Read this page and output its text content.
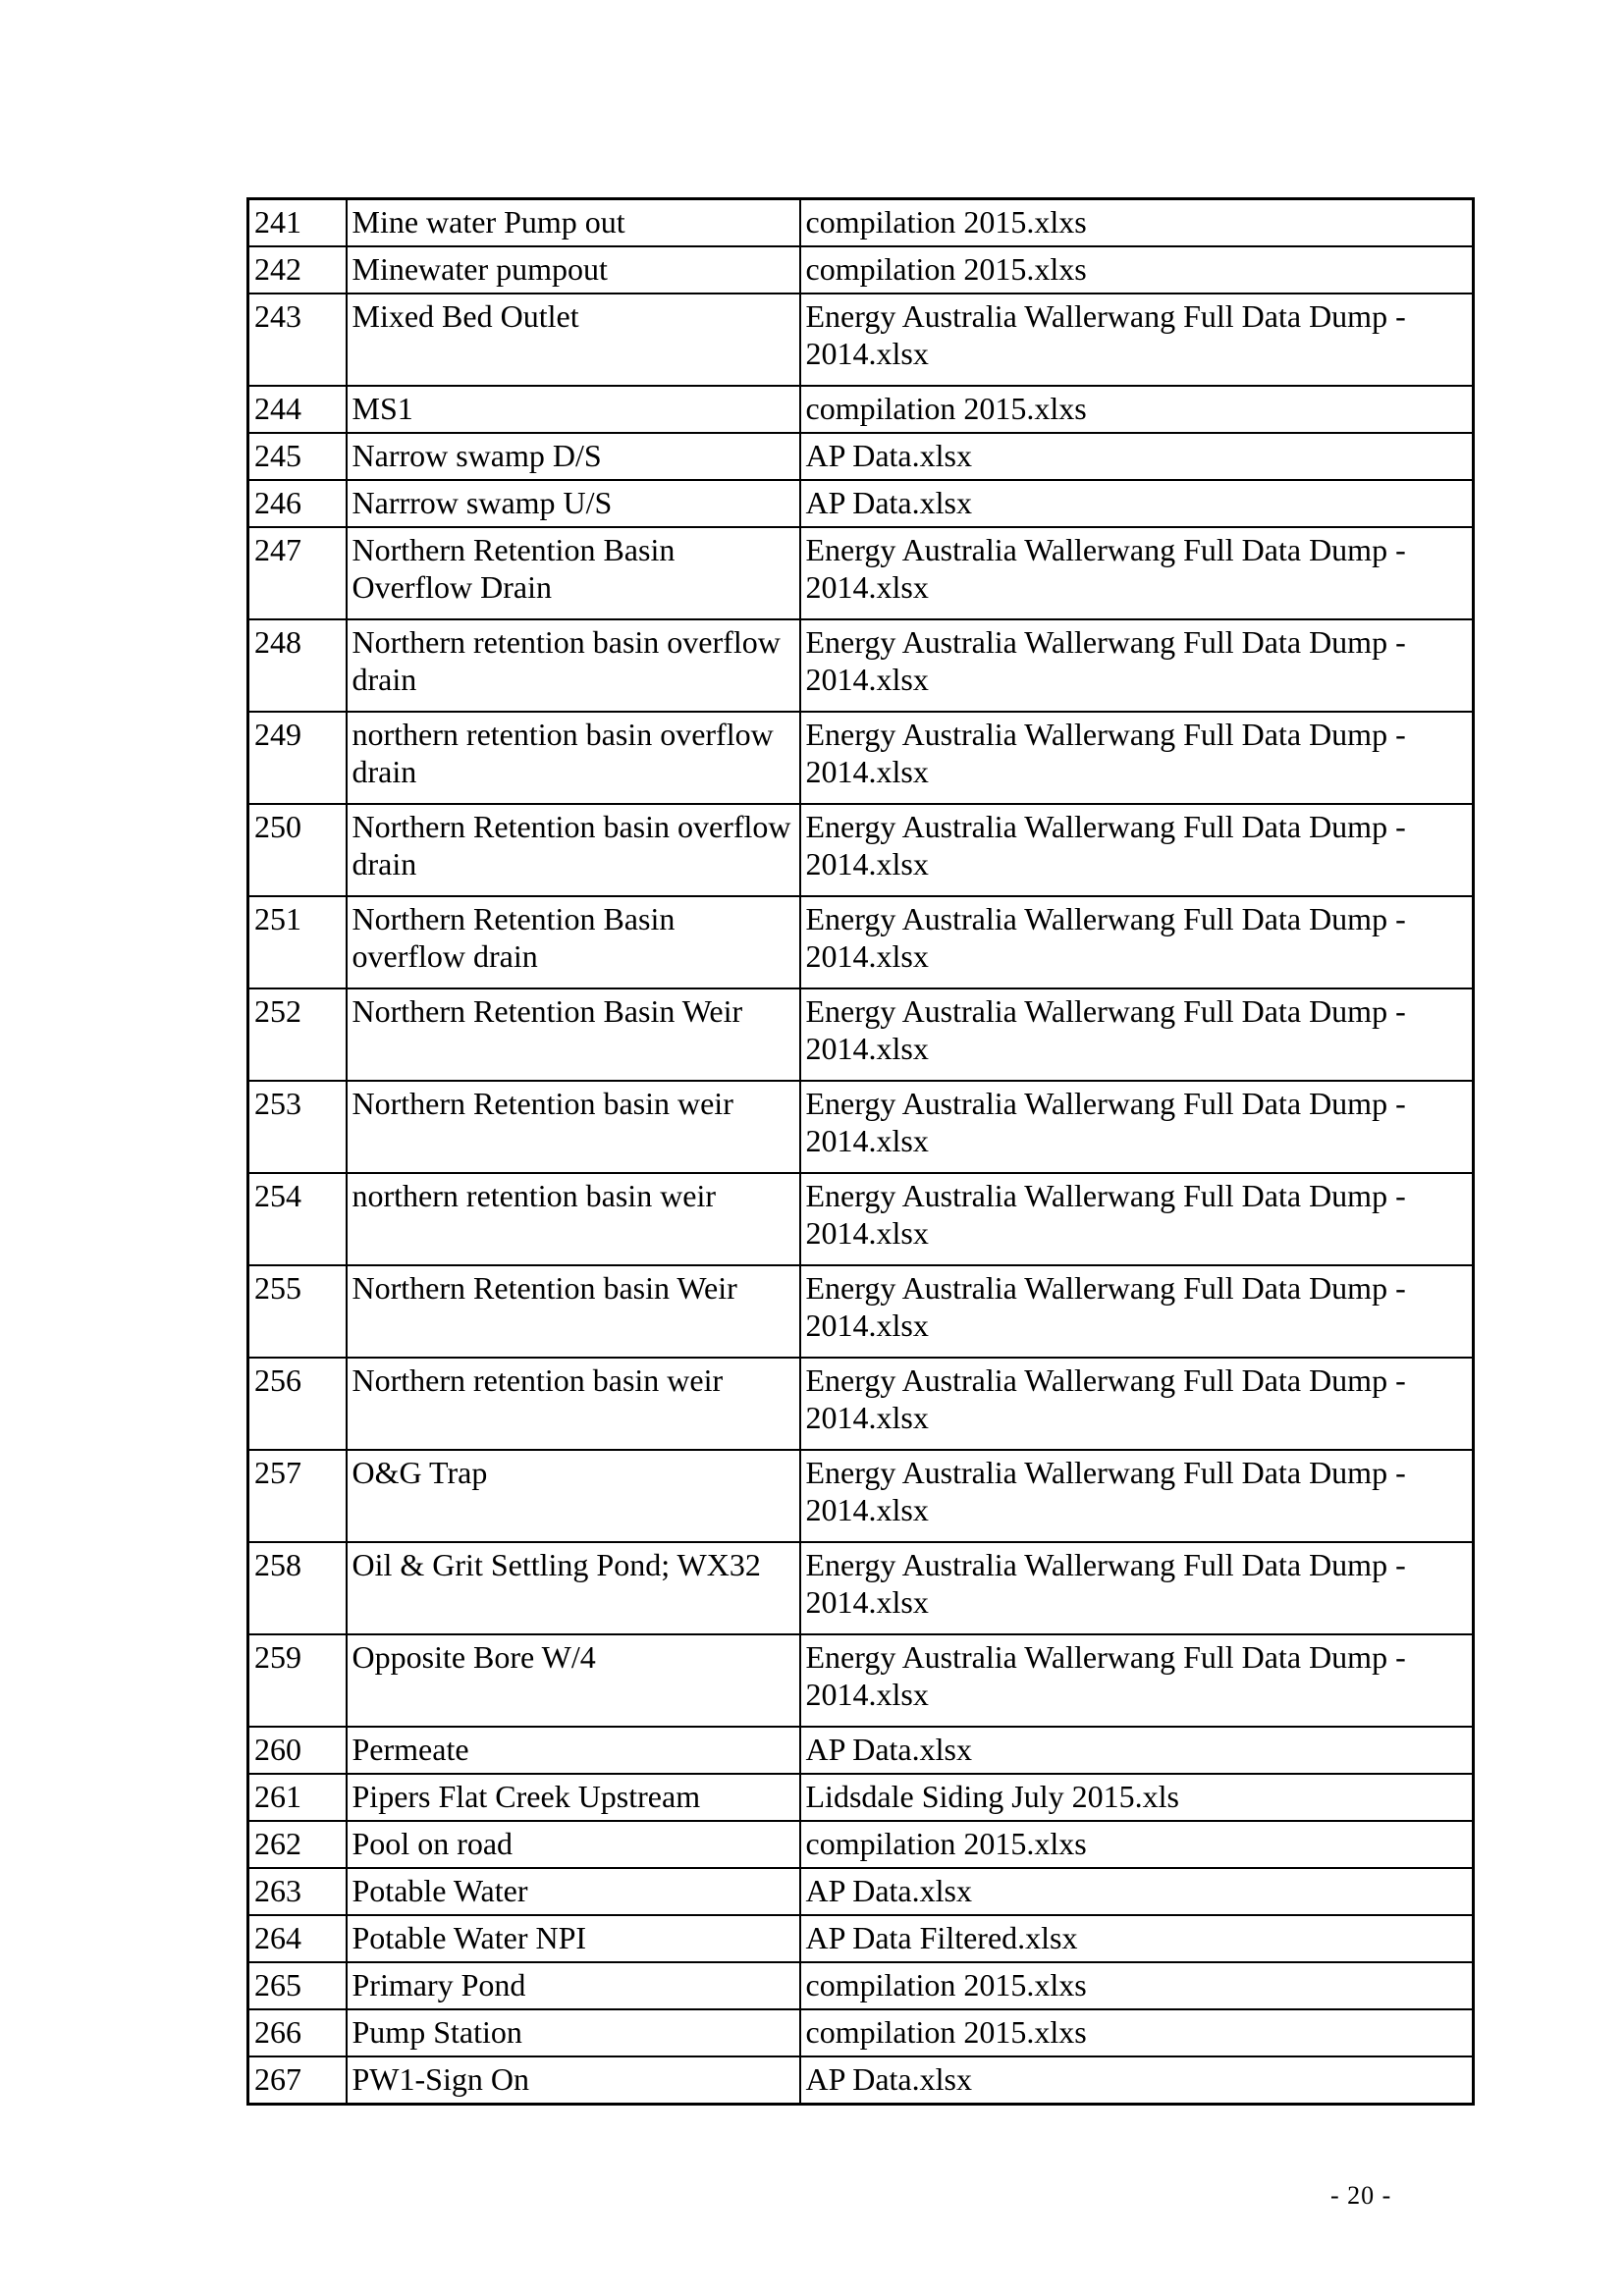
241	Mine water Pump out	compilation 2015.xlxs
242	Minewater pumpout	compilation 2015.xlxs
243	Mixed Bed Outlet	Energy Australia Wallerwang Full Data Dump - 2014.xlsx
244	MS1	compilation 2015.xlxs
245	Narrow swamp D/S	AP Data.xlsx
246	Narrrow swamp U/S	AP Data.xlsx
247	Northern Retention Basin Overflow Drain	Energy Australia Wallerwang Full Data Dump - 2014.xlsx
248	Northern retention basin overflow drain	Energy Australia Wallerwang Full Data Dump - 2014.xlsx
249	northern retention basin overflow drain	Energy Australia Wallerwang Full Data Dump - 2014.xlsx
250	Northern Retention basin overflow drain	Energy Australia Wallerwang Full Data Dump - 2014.xlsx
251	Northern Retention Basin overflow drain	Energy Australia Wallerwang Full Data Dump - 2014.xlsx
252	Northern Retention Basin Weir	Energy Australia Wallerwang Full Data Dump - 2014.xlsx
253	Northern Retention basin weir	Energy Australia Wallerwang Full Data Dump - 2014.xlsx
254	northern retention basin weir	Energy Australia Wallerwang Full Data Dump - 2014.xlsx
255	Northern Retention basin Weir	Energy Australia Wallerwang Full Data Dump - 2014.xlsx
256	Northern retention basin weir	Energy Australia Wallerwang Full Data Dump - 2014.xlsx
257	O&G Trap	Energy Australia Wallerwang Full Data Dump - 2014.xlsx
258	Oil & Grit Settling Pond; WX32	Energy Australia Wallerwang Full Data Dump - 2014.xlsx
259	Opposite Bore W/4	Energy Australia Wallerwang Full Data Dump - 2014.xlsx
260	Permeate	AP Data.xlsx
261	Pipers Flat Creek Upstream	Lidsdale Siding July 2015.xls
262	Pool on road	compilation 2015.xlxs
263	Potable Water	AP Data.xlsx
264	Potable Water NPI	AP Data Filtered.xlsx
265	Primary Pond	compilation 2015.xlxs
266	Pump Station	compilation 2015.xlxs
267	PW1-Sign On	AP Data.xlsx
- 20 -
